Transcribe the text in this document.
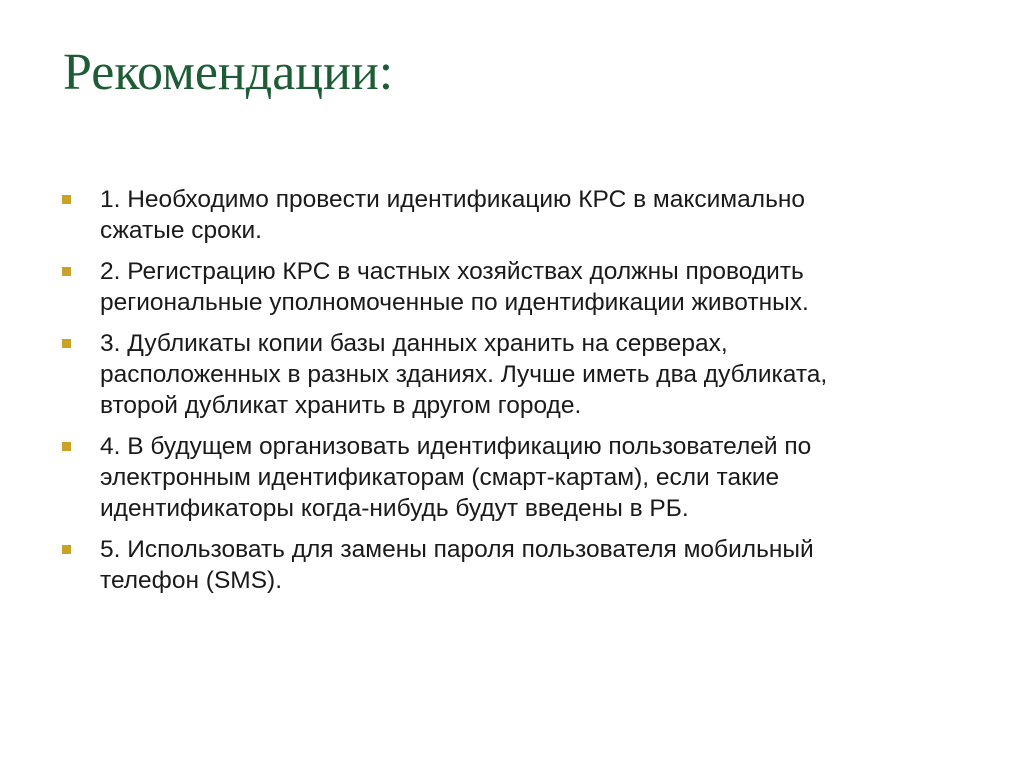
Рекомендации:
1. Необходимо провести идентификацию КРС в максимально
сжатые сроки.
2. Регистрацию КРС в частных хозяйствах должны проводить
региональные уполномоченные по идентификации животных.
3. Дубликаты копии базы данных хранить на серверах,
расположенных в разных зданиях. Лучше иметь два дубликата,
второй дубликат хранить в другом городе.
4. В будущем организовать идентификацию пользователей по
электронным идентификаторам (смарт-картам), если такие
идентификаторы когда-нибудь будут введены в РБ.
5. Использовать для замены пароля пользователя мобильный
телефон (SMS).
